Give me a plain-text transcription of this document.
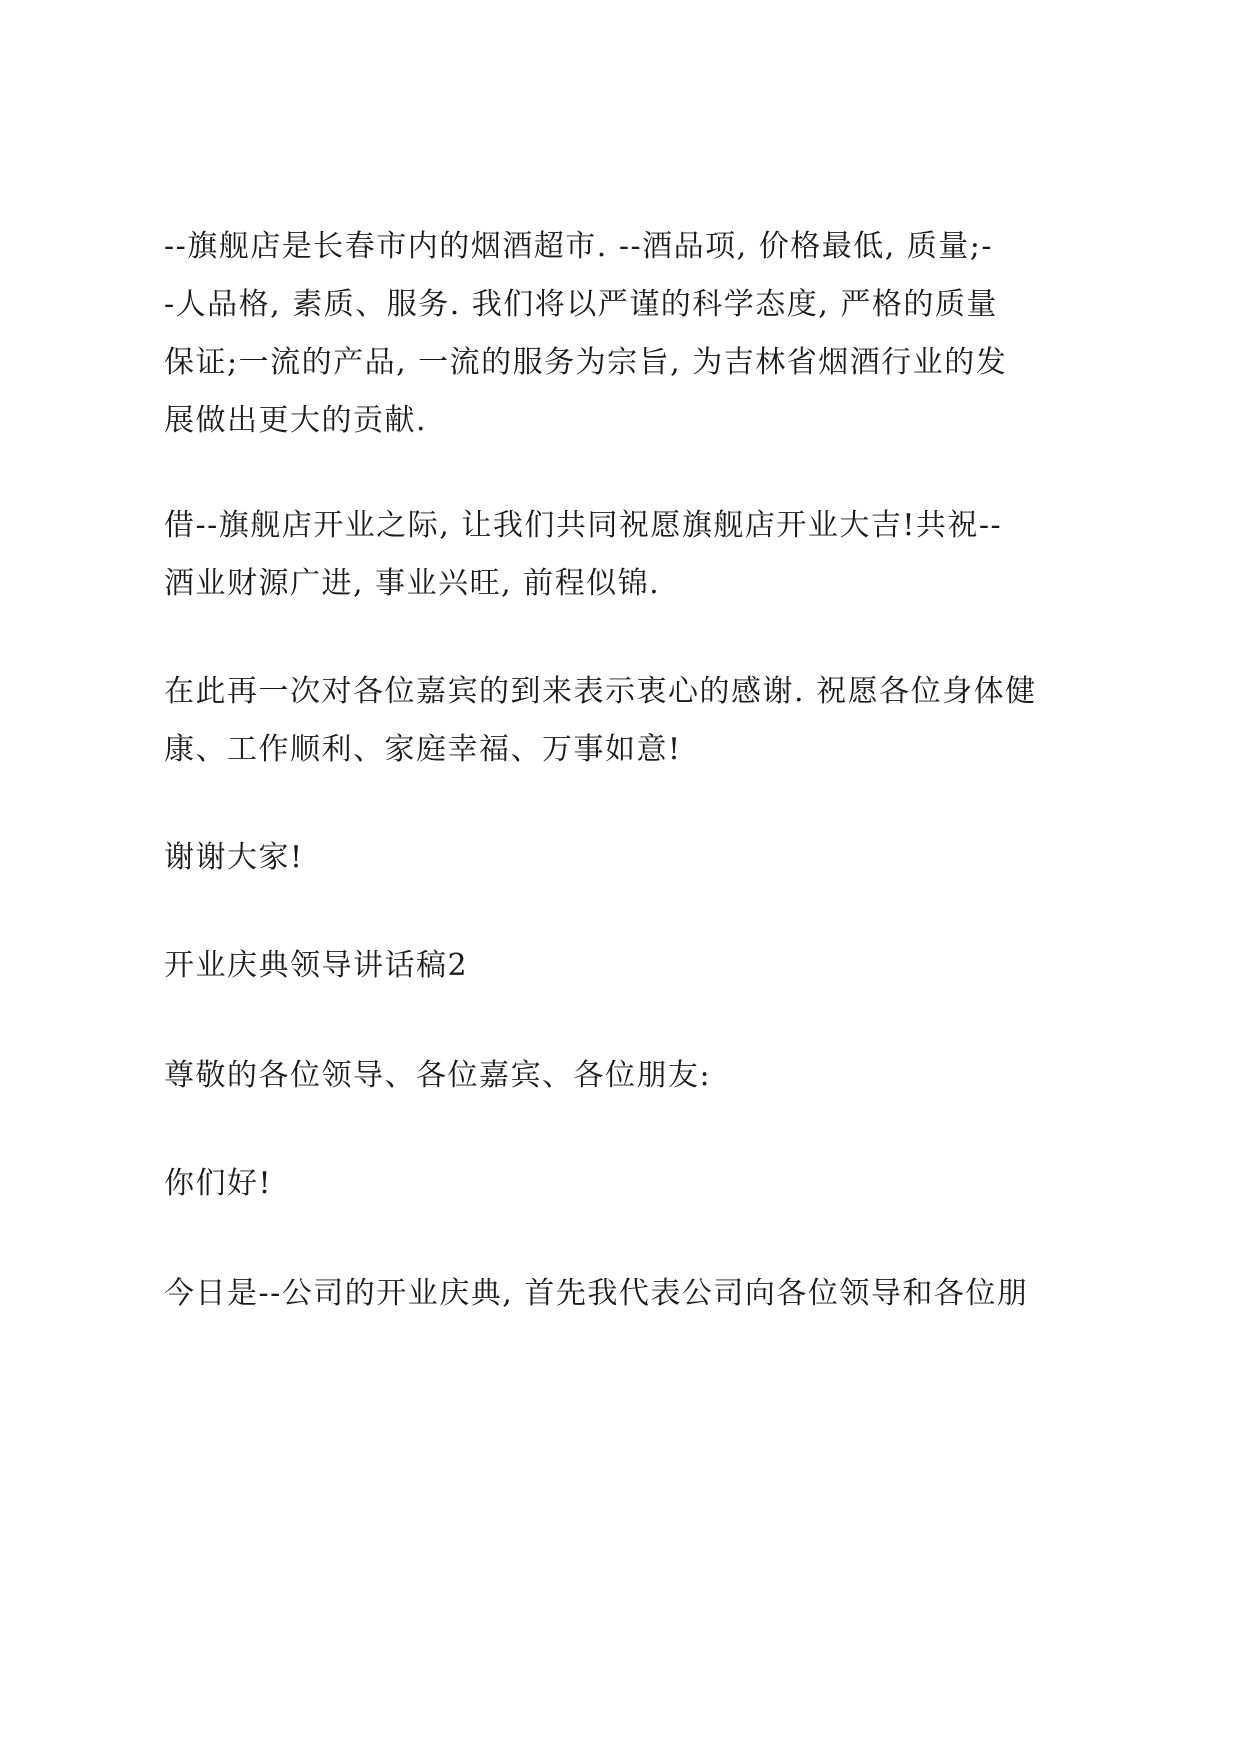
--旗舰店是长春市内的烟酒超市. --酒品项, 价格最低, 质量;-
-人品格, 素质、服务. 我们将以严谨的科学态度, 严格的质量
保证;一流的产品, 一流的服务为宗旨, 为吉林省烟酒行业的发
展做出更大的贡献.

借--旗舰店开业之际, 让我们共同祝愿旗舰店开业大吉!共祝--
酒业财源广进, 事业兴旺, 前程似锦.

在此再一次对各位嘉宾的到来表示衷心的感谢. 祝愿各位身体健
康、工作顺利、家庭幸福、万事如意!

谢谢大家!

开业庆典领导讲话稿2

尊敬的各位领导、各位嘉宾、各位朋友:

你们好!

今日是--公司的开业庆典, 首先我代表公司向各位领导和各位朋
